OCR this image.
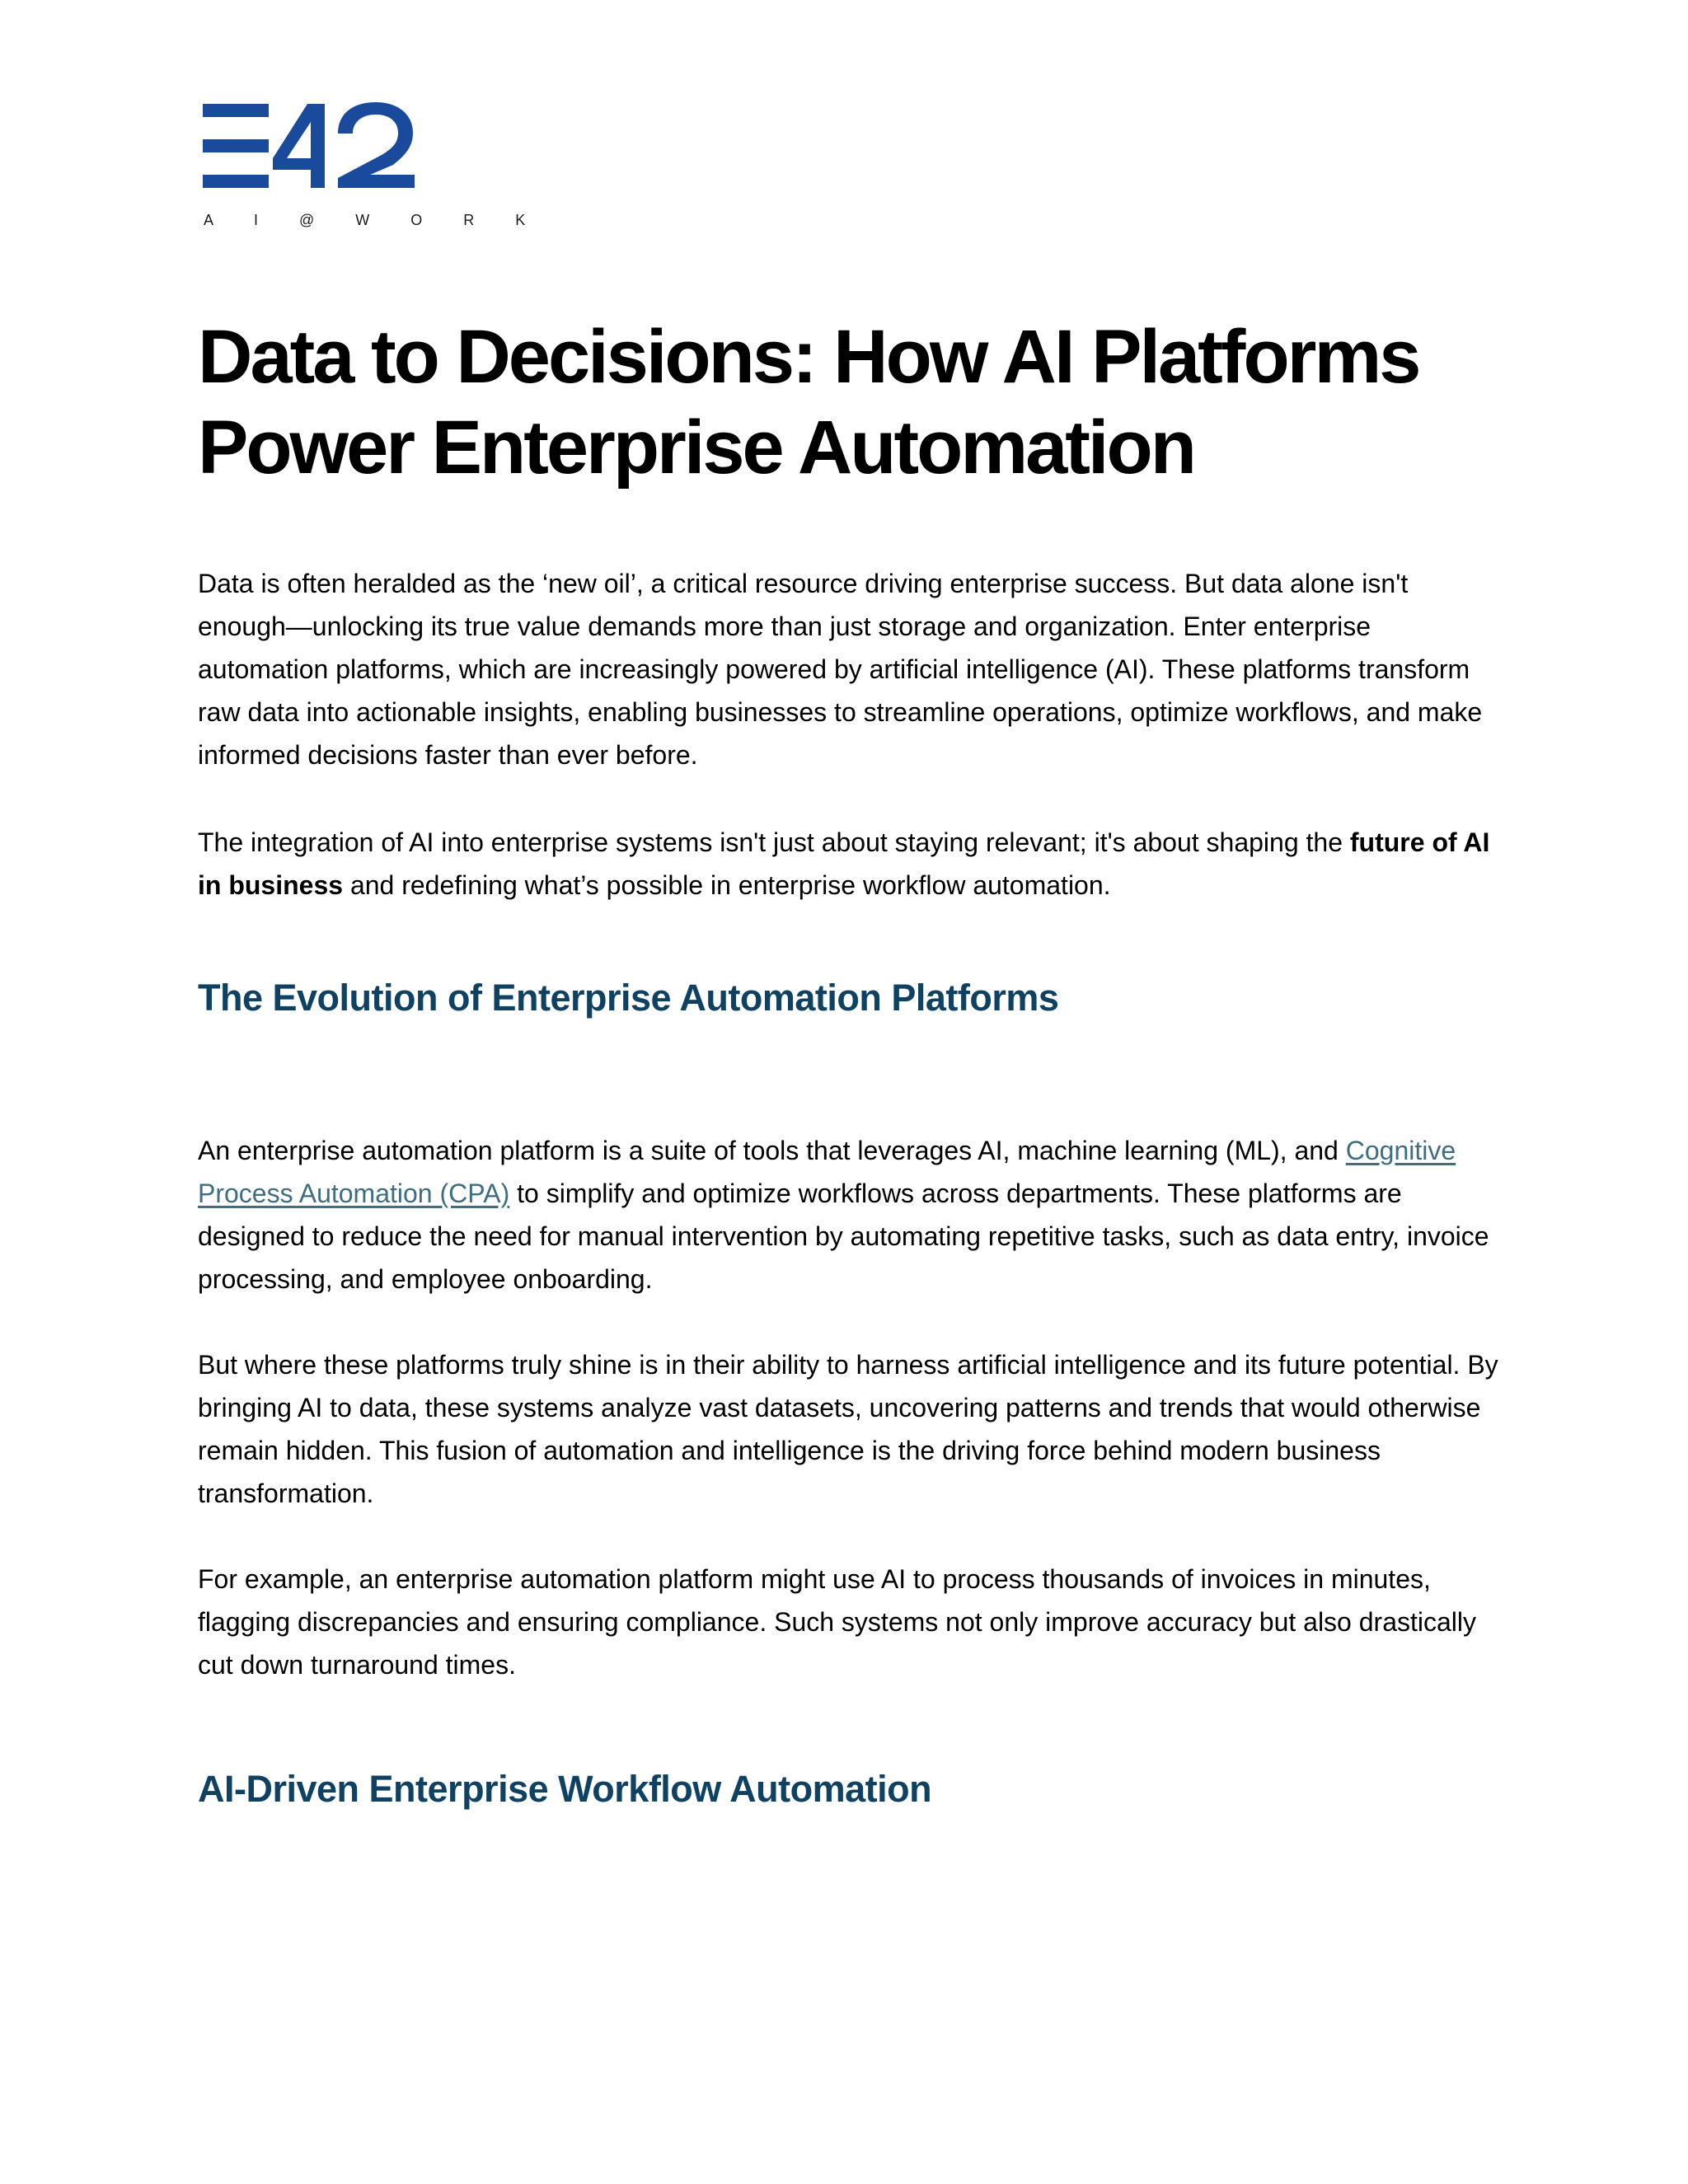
A I @ W O R K
Data to Decisions: How AI Platforms Power Enterprise Automation

Data is often heralded as the ‘new oil’, a critical resource driving enterprise success. But data alone isn't enough—unlocking its true value demands more than just storage and organization. Enter enterprise automation platforms, which are increasingly powered by artificial intelligence (AI). These platforms transform raw data into actionable insights, enabling businesses to streamline operations, optimize workflows, and make informed decisions faster than ever before.

The integration of AI into enterprise systems isn't just about staying relevant; it's about shaping the future of AI in business and redefining what’s possible in enterprise workflow automation.

The Evolution of Enterprise Automation Platforms

An enterprise automation platform is a suite of tools that leverages AI, machine learning (ML), and Cognitive Process Automation (CPA) to simplify and optimize workflows across departments. These platforms are designed to reduce the need for manual intervention by automating repetitive tasks, such as data entry, invoice processing, and employee onboarding.

But where these platforms truly shine is in their ability to harness artificial intelligence and its future potential. By bringing AI to data, these systems analyze vast datasets, uncovering patterns and trends that would otherwise remain hidden. This fusion of automation and intelligence is the driving force behind modern business transformation.

For example, an enterprise automation platform might use AI to process thousands of invoices in minutes, flagging discrepancies and ensuring compliance. Such systems not only improve accuracy but also drastically cut down turnaround times.

AI-Driven Enterprise Workflow Automation
